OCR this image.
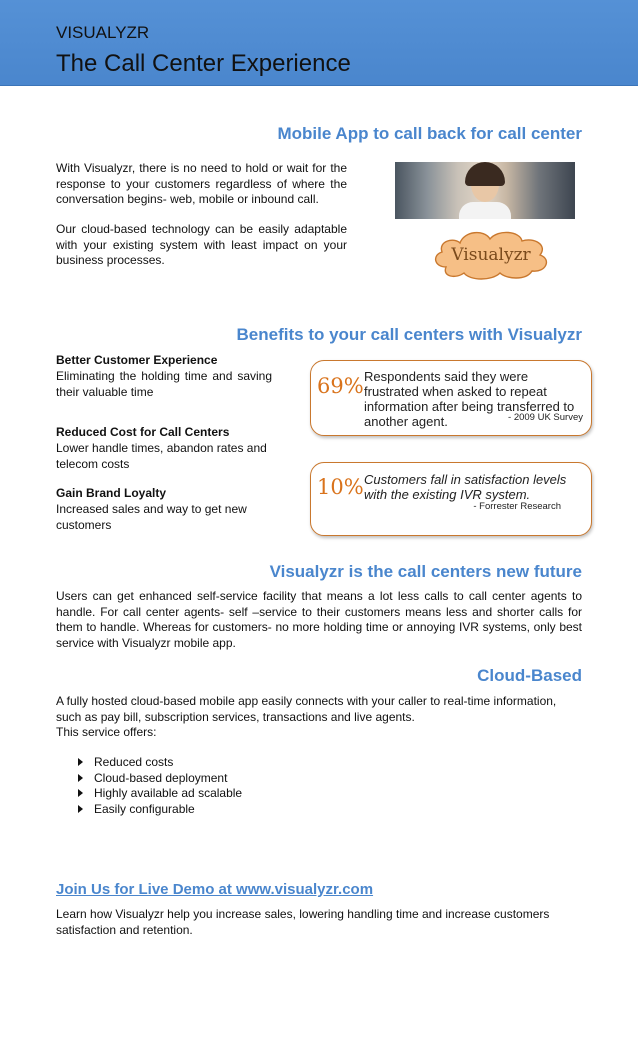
VISUALYZR
The Call Center Experience
Mobile App to call back for call center

With Visualyzr, there is no need to hold or wait for the response to your customers regardless of where the conversation begins- web, mobile or inbound call.

Our cloud-based technology can be easily adaptable with your existing system with least impact on your business processes.	Visualyzr
Benefits to your call centers with Visualyzr
Better Customer Experience

Eliminating the holding time and saving their valuable time

Reduced Cost for Call Centers

Lower handle times, abandon rates and telecom costs

Gain Brand Loyalty

Increased sales and way to get new customers

69% Respondents said they were frustrated when asked to repeat information after being transferred to another agent.	- 2009 UK Survey
10% Customers fall in satisfaction levels with the existing IVR system.
- Forrester Research
Visualyzr is the call centers new future

Users can get enhanced self-service facility that means a lot less calls to call center agents to handle. For call center agents- self –service to their customers means less and shorter calls for them to handle. Whereas for customers- no more holding time or annoying IVR systems, only best service with Visualyzr mobile app.

Cloud-Based

A fully hosted cloud-based mobile app easily connects with your caller to real-time information, such as pay bill, subscription services, transactions and live agents.

This service offers:
Reduced costs
Cloud-based deployment
Highly available ad scalable
Easily configurable
Join Us for Live Demo at www.visualyzr.com

Learn how Visualyzr help you increase sales, lowering handling time and increase customers satisfaction and retention.
